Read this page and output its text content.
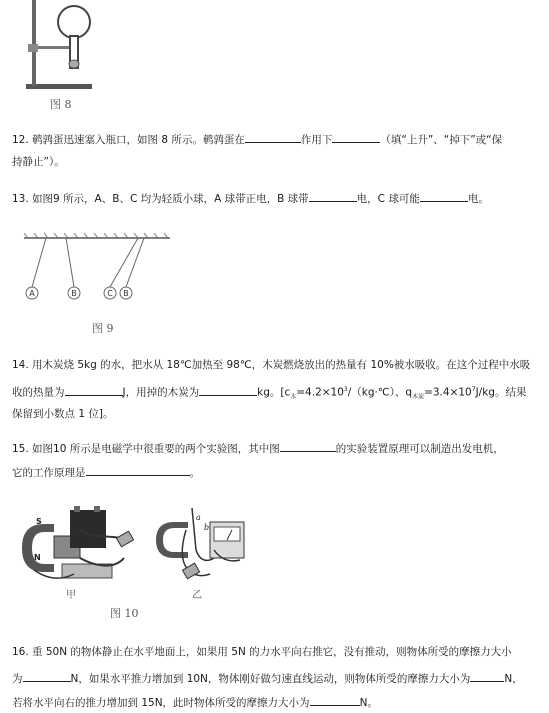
图 8
12. 鹌鹑蛋迅速塞入瓶口，如图 8 所示。鹌鹑蛋在	作用下	（填“上升”、“掉下”或“保
持静止”）。
13. 如图9 所示，A、B、C 均为轻质小球，A 球带正电，B 球带	电，C 球可能	电。
A	B	C B
图 9
14. 用木炭烧 5kg 的水，把水从 18℃加热至 98℃，木炭燃烧放出的热量有 10%被水吸收。在这个过程中水吸
收的热量为	J，用掉的木炭为	kg。[$c_水=4.2\times 10^3/(kg\cdot℃)$、$q_{木炭}=3.4\times 10^7J/kg$。结果
保留到小数点 1 位]。
15. 如图10 所示是电磁学中很重要的两个实验图，其中图	的实验装置原理可以制造出发电机，
它的工作原理是	。
S
N
a
b
甲	乙
图 10
16. 重 50N 的物体静止在水平地面上，如果用 5N 的力水平向右推它，没有推动，则物体所受的摩擦力大小
为	N，如果水平推力增加到 10N，物体刚好做匀速直线运动，则物体所受的摩擦力大小为	N，
若将水平向右的推力增加到 15N，此时物体所受的摩擦力大小为	N。
